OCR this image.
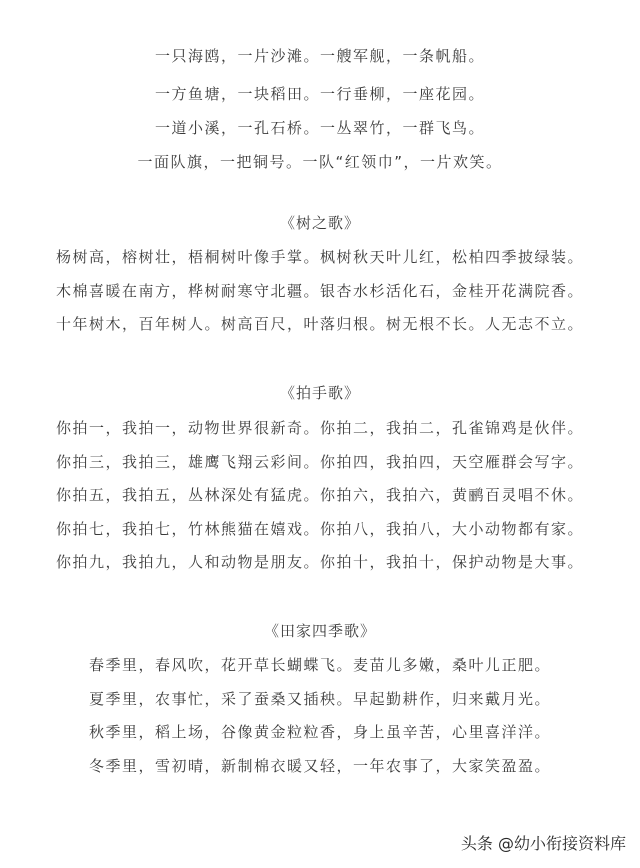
一只海鸥，一片沙滩。一艘军舰，一条帆船。
一方鱼塘，一块稻田。一行垂柳，一座花园。
一道小溪，一孔石桥。一丛翠竹，一群飞鸟。
一面队旗，一把铜号。一队“红领巾”，一片欢笑。
《树之歌》
杨树高，榕树壮，梧桐树叶像手掌。枫树秋天叶儿红，松柏四季披绿装。
木棉喜暖在南方，桦树耐寒守北疆。银杏水杉活化石，金桂开花满院香。
十年树木，百年树人。树高百尺，叶落归根。树无根不长。人无志不立。
《拍手歌》
你拍一，我拍一，动物世界很新奇。你拍二，我拍二，孔雀锦鸡是伙伴。
你拍三，我拍三，雄鹰飞翔云彩间。你拍四，我拍四，天空雁群会写字。
你拍五，我拍五，丛林深处有猛虎。你拍六，我拍六，黄鹂百灵唱不休。
你拍七，我拍七，竹林熊猫在嬉戏。你拍八，我拍八，大小动物都有家。
你拍九，我拍九，人和动物是朋友。你拍十，我拍十，保护动物是大事。
《田家四季歌》
春季里，春风吹，花开草长蝴蝶飞。麦苗儿多嫩，桑叶儿正肥。
夏季里，农事忙，采了蚕桑又插秧。早起勤耕作，归来戴月光。
秋季里，稻上场，谷像黄金粒粒香，身上虽辛苦，心里喜洋洋。
冬季里，雪初晴，新制棉衣暖又轻，一年农事了，大家笑盈盈。
头条 @幼小衔接资料库
